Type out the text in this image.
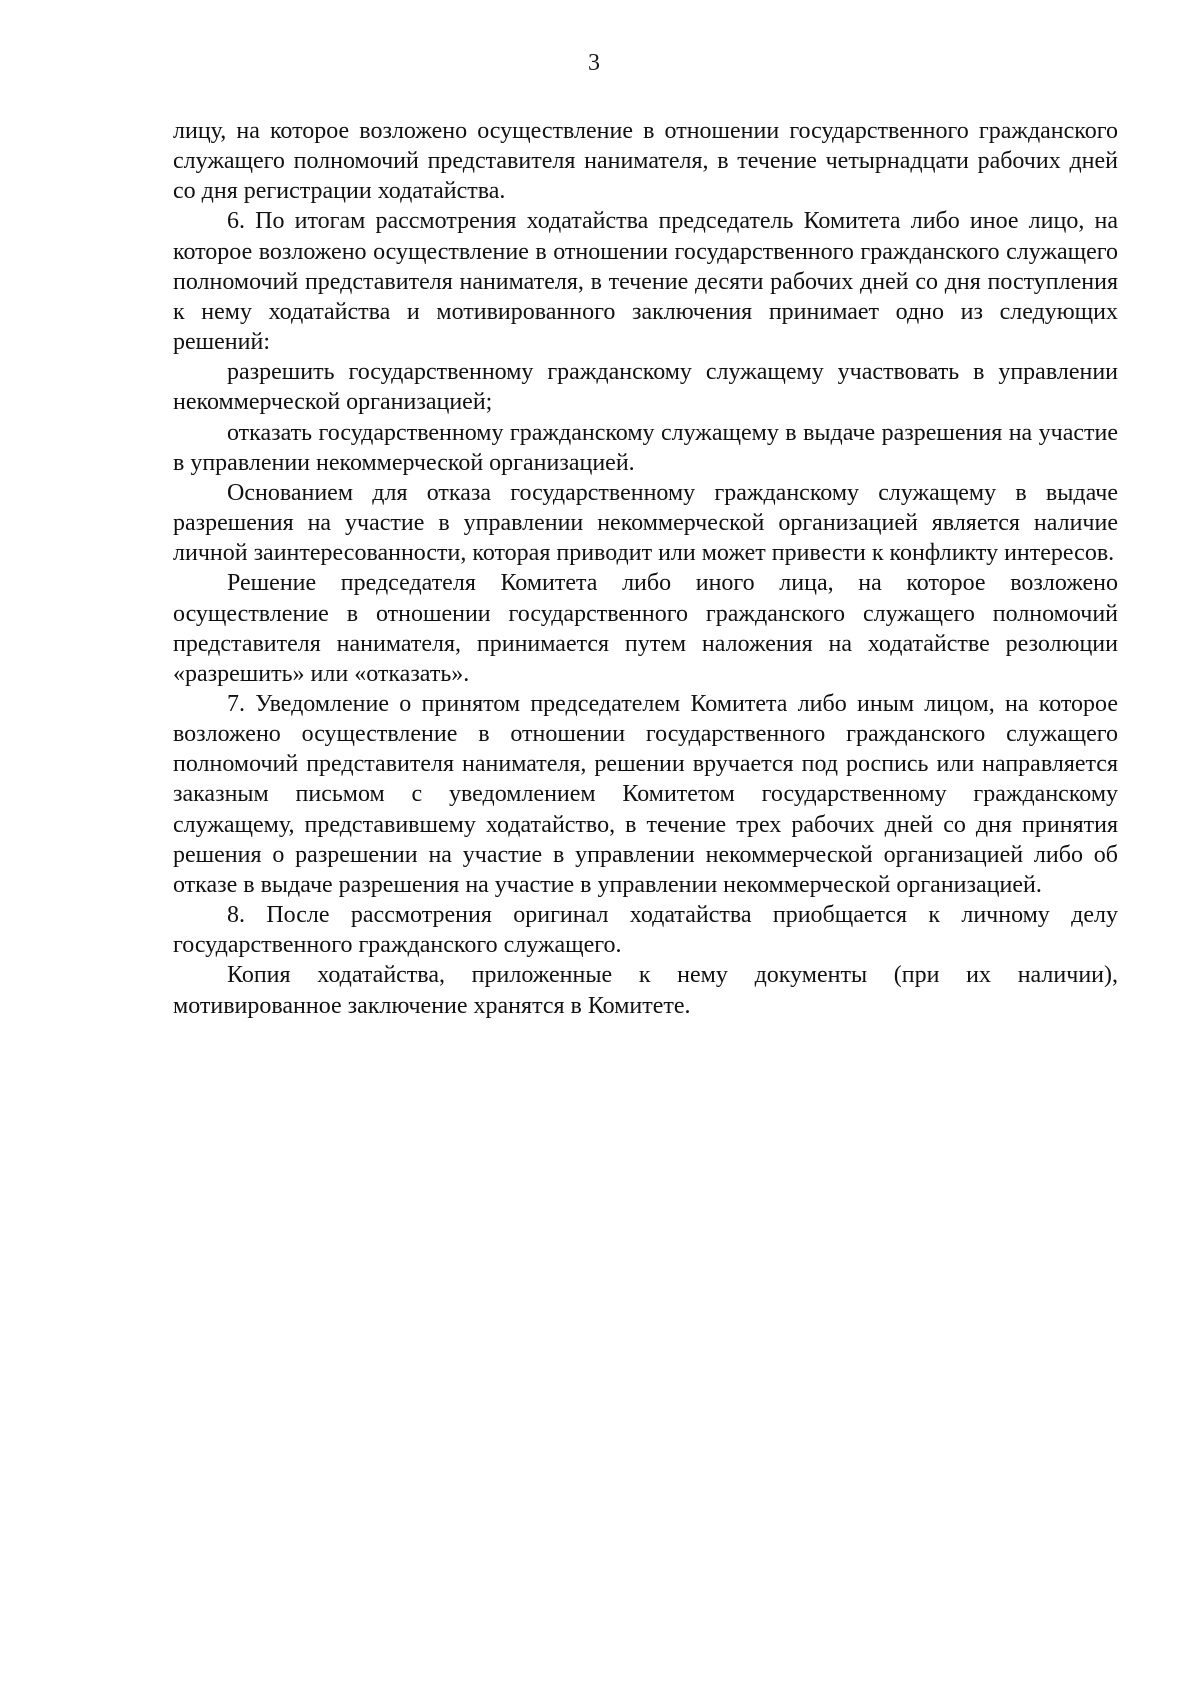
3

лицу, на которое возложено осуществление в отношении государственного гражданского служащего полномочий представителя нанимателя, в течение четырнадцати рабочих дней со дня регистрации ходатайства.

6. По итогам рассмотрения ходатайства председатель Комитета либо иное лицо, на которое возложено осуществление в отношении государственного гражданского служащего полномочий представителя нанимателя, в течение десяти рабочих дней со дня поступления к нему ходатайства и мотивированного заключения принимает одно из следующих решений:

разрешить государственному гражданскому служащему участвовать в управлении некоммерческой организацией;

отказать государственному гражданскому служащему в выдаче разрешения на участие в управлении некоммерческой организацией.

Основанием для отказа государственному гражданскому служащему в выдаче разрешения на участие в управлении некоммерческой организацией является наличие личной заинтересованности, которая приводит или может привести к конфликту интересов.

Решение председателя Комитета либо иного лица, на которое возложено осуществление в отношении государственного гражданского служащего полномочий представителя нанимателя, принимается путем наложения на ходатайстве резолюции «разрешить» или «отказать».

7. Уведомление о принятом председателем Комитета либо иным лицом, на которое возложено осуществление в отношении государственного гражданского служащего полномочий представителя нанимателя, решении вручается под роспись или направляется заказным письмом с уведомлением Комитетом государственному гражданскому служащему, представившему ходатайство, в течение трех рабочих дней со дня принятия решения о разрешении на участие в управлении некоммерческой организацией либо об отказе в выдаче разрешения на участие в управлении некоммерческой организацией.

8. После рассмотрения оригинал ходатайства приобщается к личному делу государственного гражданского служащего.

Копия ходатайства, приложенные к нему документы (при их наличии), мотивированное заключение хранятся в Комитете.
